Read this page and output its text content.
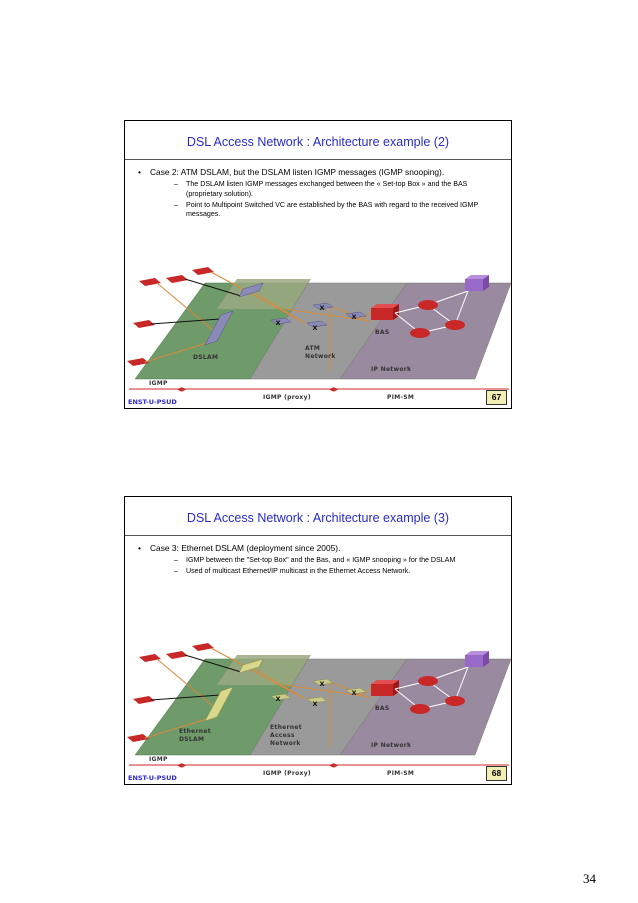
DSL Access Network : Architecture example (2)
• Case 2: ATM DSLAM, but the DSLAM listen IGMP messages (IGMP snooping).
– The DSLAM listen IGMP messages exchanged between the « Set-top Box » and the BAS (proprietary solution).
– Point to Multipoint Switched VC are established by the BAS with regard to the received IGMP messages.
X
X
X
X
DSLAM
ATM
Network
BAS
IP Network
IGMP
◀▶	◀▶
IGMP (proxy)	PIM-SM
ENST-U-PSUD	67
DSL Access Network : Architecture example (3)
• Case 3: Ethernet DSLAM (deployment since 2005).
– IGMP between the "Set-top Box" and the Bas, and « IGMP snooping » for the DSLAM
– Used of multicast Ethernet/IP multicast in the Ethernet Access Network.
X
X
X
X
Ethernet
DSLAM
Ethernet
Access
Network
BAS
IP Network
IGMP
◀▶	◀▶
IGMP (Proxy)	PIM-SM
ENST-U-PSUD	68
34
